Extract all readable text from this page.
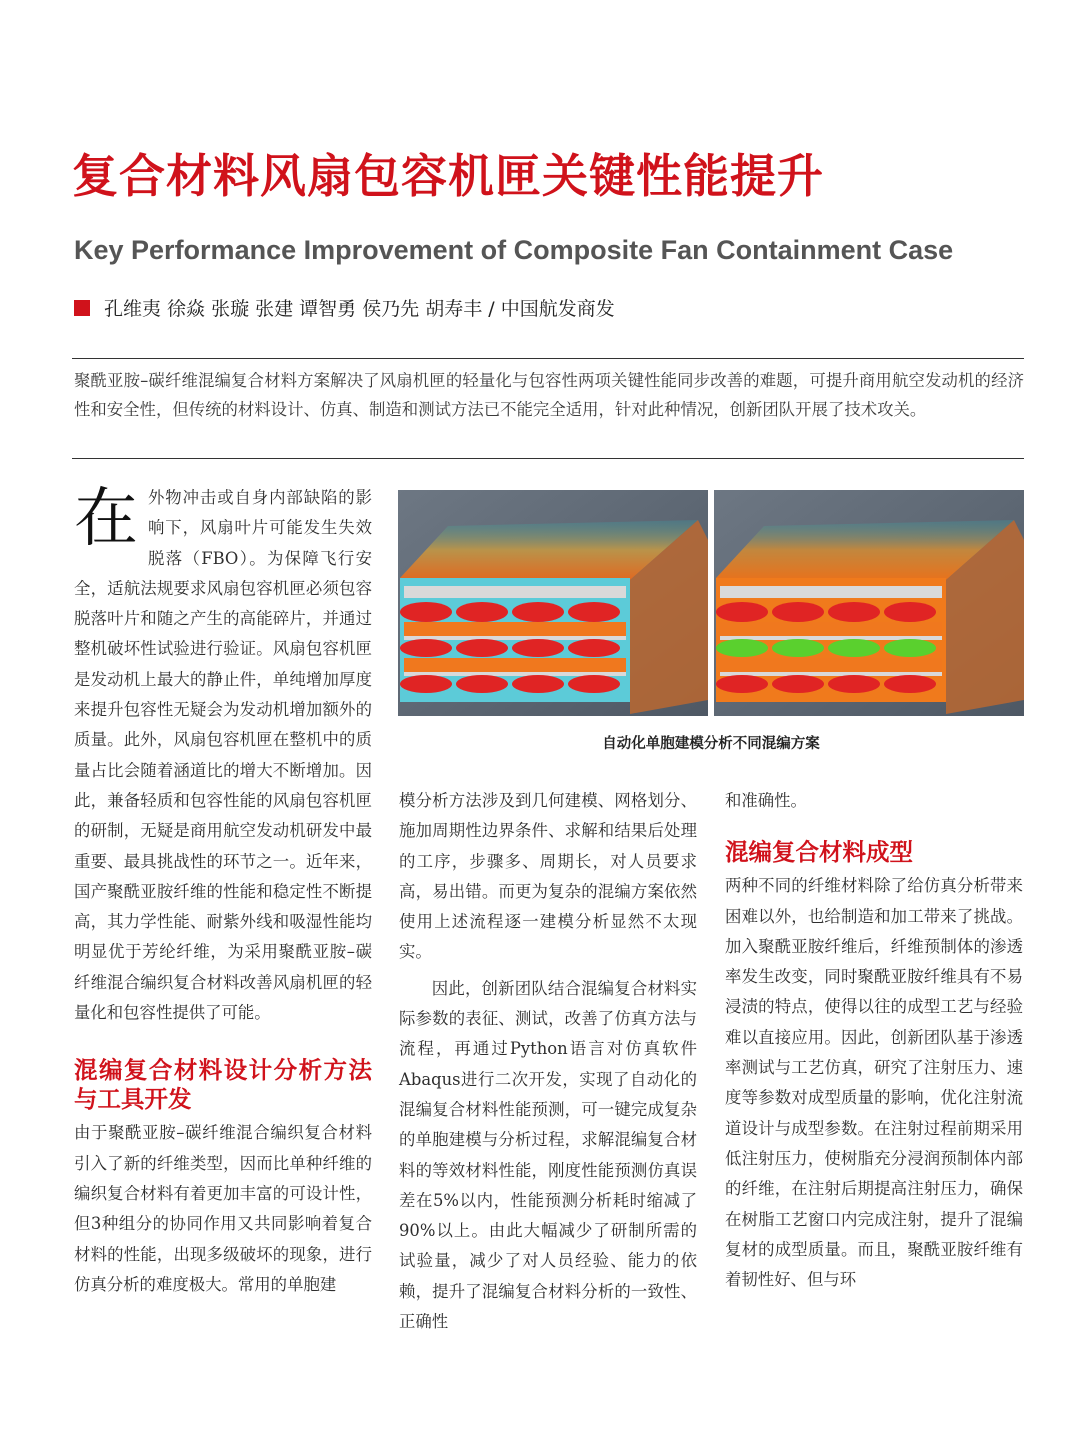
复合材料风扇包容机匣关键性能提升
Key Performance Improvement of Composite Fan Containment Case
孔维夷 徐焱 张璇 张建 谭智勇 侯乃先 胡寿丰 / 中国航发商发
聚酰亚胺–碳纤维混编复合材料方案解决了风扇机匣的轻量化与包容性两项关键性能同步改善的难题，可提升商用航空发动机的经济性和安全性，但传统的材料设计、仿真、制造和测试方法已不能完全适用，针对此种情况，创新团队开展了技术攻关。

在外物冲击或自身内部缺陷的影响下，风扇叶片可能发生失效脱落（FBO）。为保障飞行安全，适航法规要求风扇包容机匣必须包容脱落叶片和随之产生的高能碎片，并通过整机破坏性试验进行验证。风扇包容机匣是发动机上最大的静止件，单纯增加厚度来提升包容性无疑会为发动机增加额外的质量。此外，风扇包容机匣在整机中的质量占比会随着涵道比的增大不断增加。因此，兼备轻质和包容性能的风扇包容机匣的研制，无疑是商用航空发动机研发中最重要、最具挑战性的环节之一。近年来，国产聚酰亚胺纤维的性能和稳定性不断提高，其力学性能、耐紫外线和吸湿性能均明显优于芳纶纤维，为采用聚酰亚胺–碳纤维混合编织复合材料改善风扇机匣的轻量化和包容性提供了可能。

混编复合材料设计分析方法与工具开发

由于聚酰亚胺–碳纤维混合编织复合材料引入了新的纤维类型，因而比单种纤维的编织复合材料有着更加丰富的可设计性，但3种组分的协同作用又共同影响着复合材料的性能，出现多级破坏的现象，进行仿真分析的难度极大。常用的单胞建

自动化单胞建模分析不同混编方案

模分析方法涉及到几何建模、网格划分、施加周期性边界条件、求解和结果后处理的工序，步骤多、周期长，对人员要求高，易出错。而更为复杂的混编方案依然使用上述流程逐一建模分析显然不太现实。

因此，创新团队结合混编复合材料实际参数的表征、测试，改善了仿真方法与流程，再通过Python语言对仿真软件Abaqus进行二次开发，实现了自动化的混编复合材料性能预测，可一键完成复杂的单胞建模与分析过程，求解混编复合材料的等效材料性能，刚度性能预测仿真误差在5%以内，性能预测分析耗时缩减了90%以上。由此大幅减少了研制所需的试验量，减少了对人员经验、能力的依赖，提升了混编复合材料分析的一致性、正确性

和准确性。

混编复合材料成型

两种不同的纤维材料除了给仿真分析带来困难以外，也给制造和加工带来了挑战。加入聚酰亚胺纤维后，纤维预制体的渗透率发生改变，同时聚酰亚胺纤维具有不易浸渍的特点，使得以往的成型工艺与经验难以直接应用。因此，创新团队基于渗透率测试与工艺仿真，研究了注射压力、速度等参数对成型质量的影响，优化注射流道设计与成型参数。在注射过程前期采用低注射压力，使树脂充分浸润预制体内部的纤维，在注射后期提高注射压力，确保在树脂工艺窗口内完成注射，提升了混编复材的成型质量。而且，聚酰亚胺纤维有着韧性好、但与环
